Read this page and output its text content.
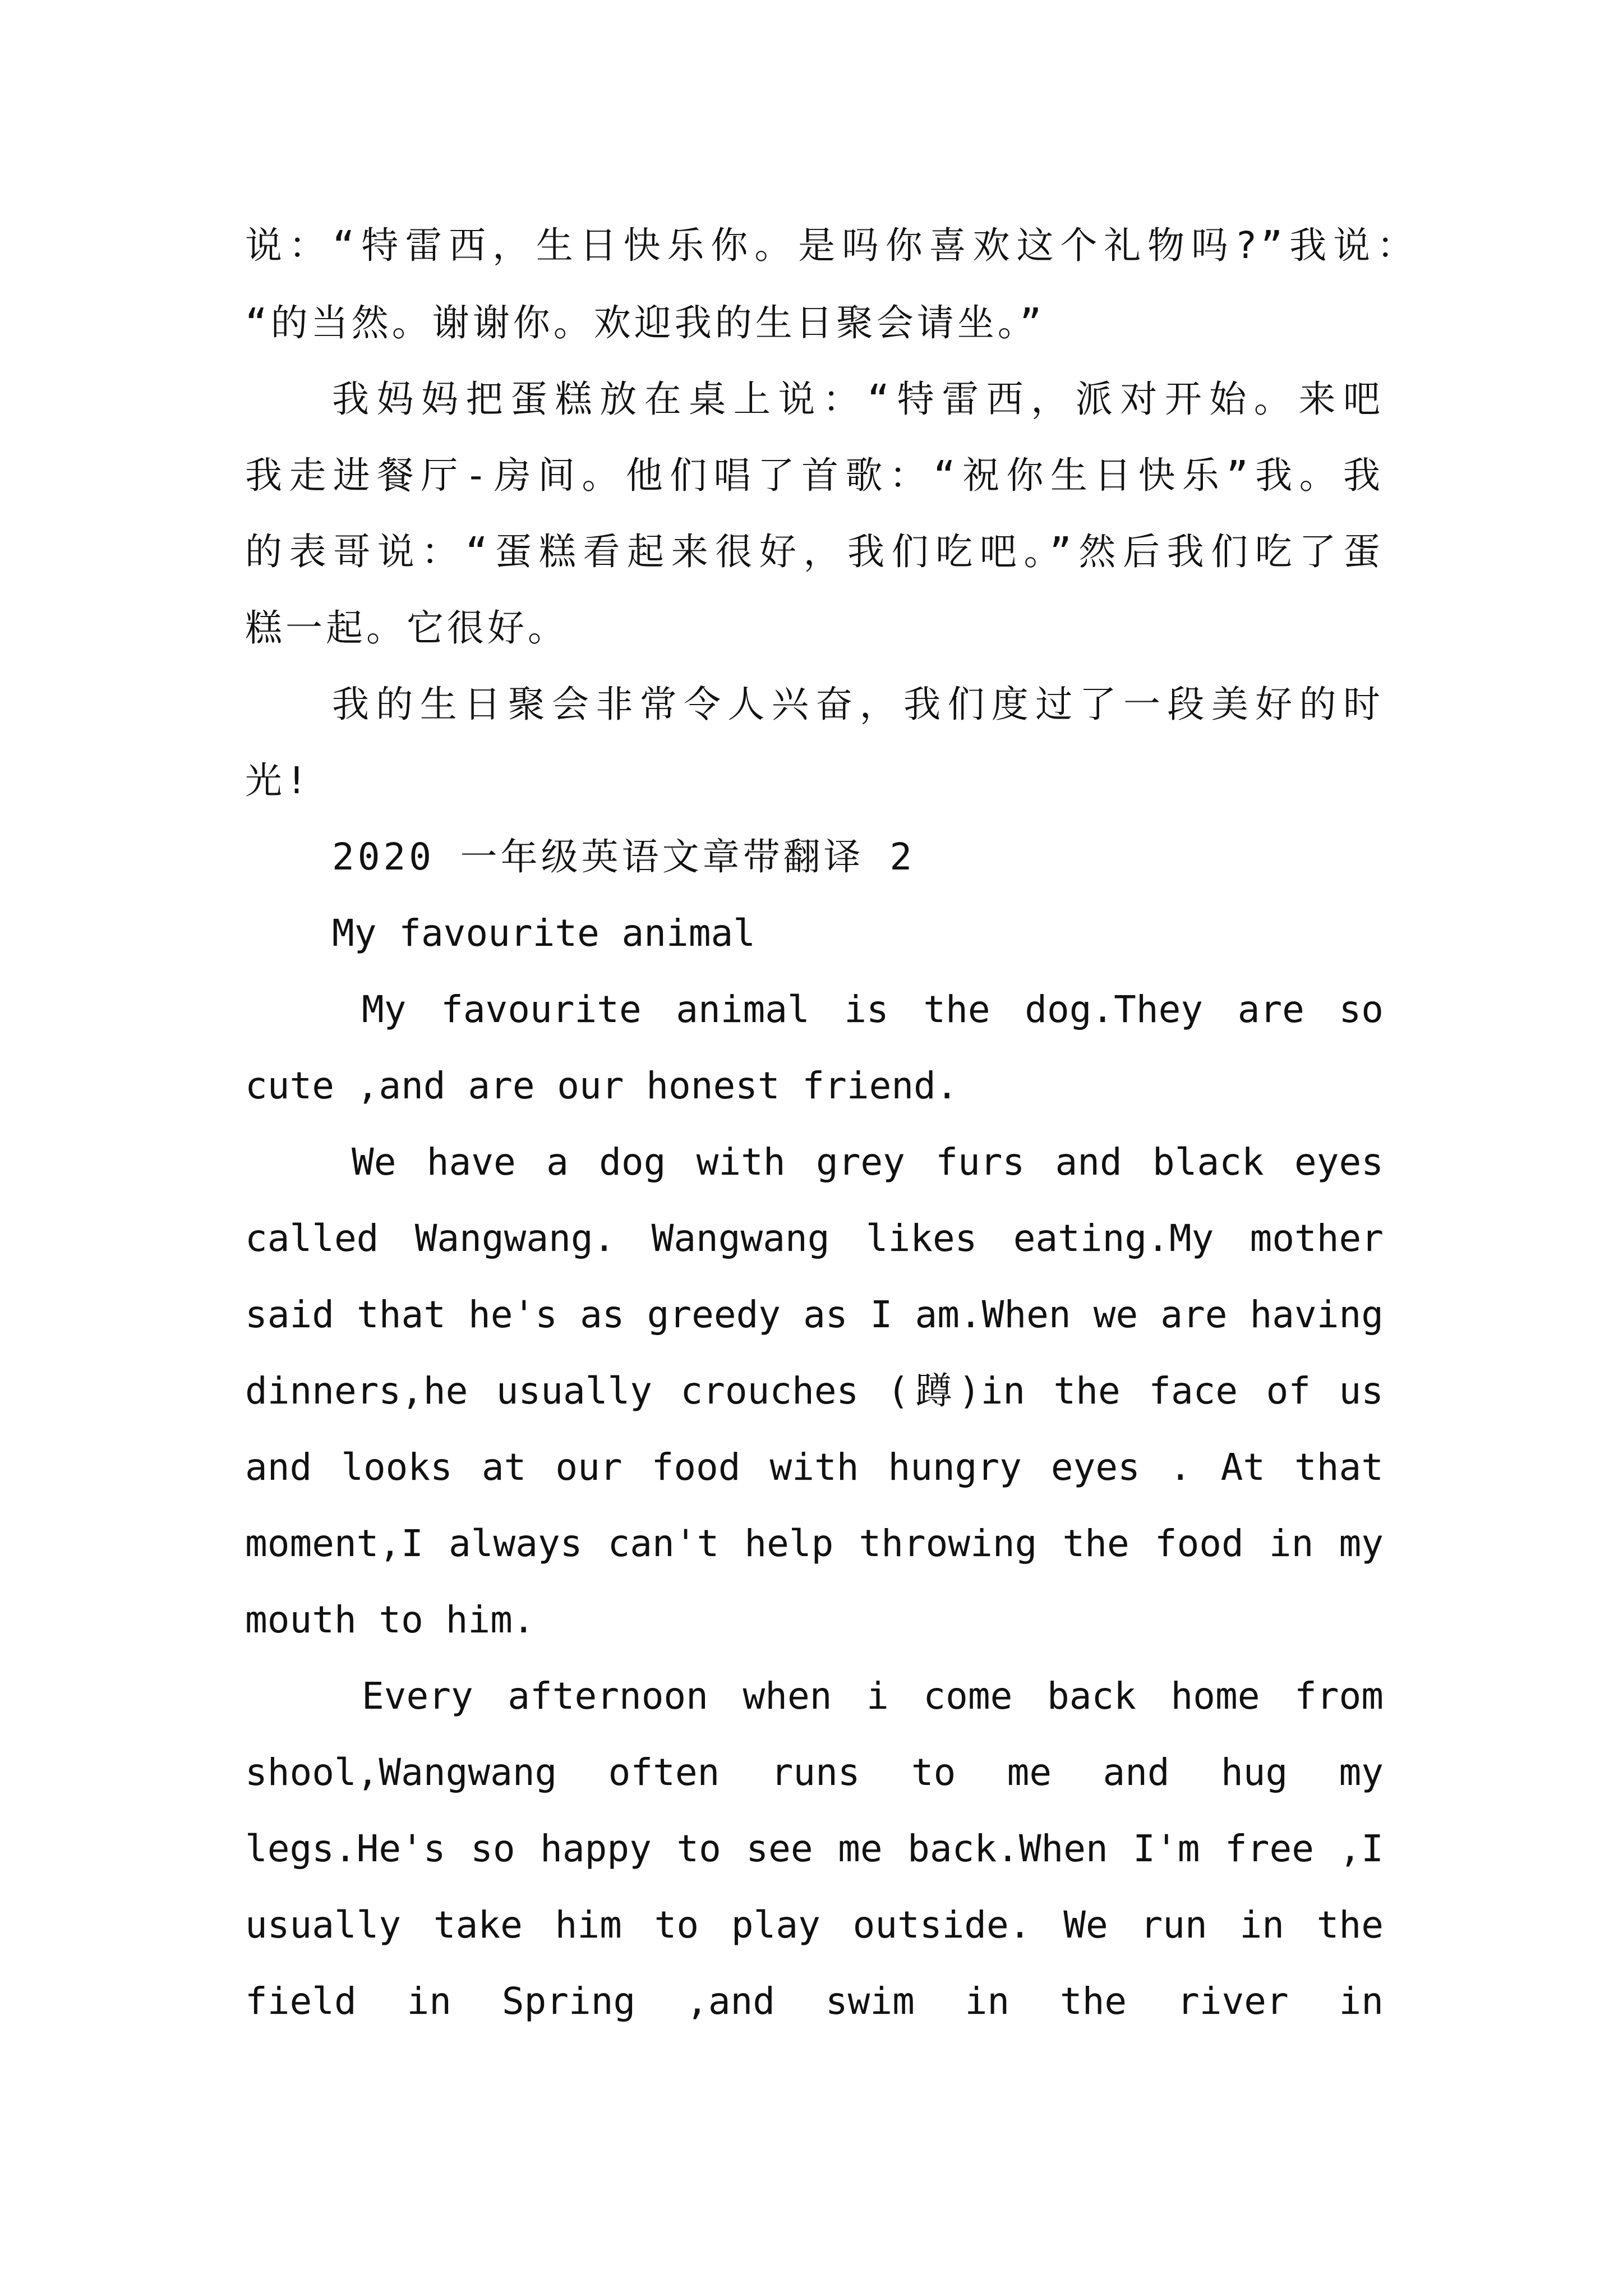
说：“特雷西，生日快乐你。是吗你喜欢这个礼物吗?”我说：
“的当然。谢谢你。欢迎我的生日聚会请坐。”
我妈妈把蛋糕放在桌上说：“特雷西，派对开始。来吧
我走进餐厅-房间。他们唱了首歌：“祝你生日快乐”我。我
的表哥说：“蛋糕看起来很好，我们吃吧。”然后我们吃了蛋
糕一起。它很好。
我的生日聚会非常令人兴奋，我们度过了一段美好的时
光!
2020 一年级英语文章带翻译 2
My favourite animal
My favourite animal is the dog.They are so
cute ,and are our honest friend.
We have a dog with grey furs and black eyes
called Wangwang. Wangwang likes eating.My mother
said that he's as greedy as I am.When we are having
dinners,he usually crouches (蹲)in the face of us
and looks at our food with hungry eyes . At that
moment,I always can't help throwing the food in my
mouth to him.
Every afternoon when i come back home from
shool,Wangwang often runs to me and hug my
legs.He's so happy to see me back.When I'm free ,I
usually take him to play outside. We run in the
field in Spring ,and swim in the river in
